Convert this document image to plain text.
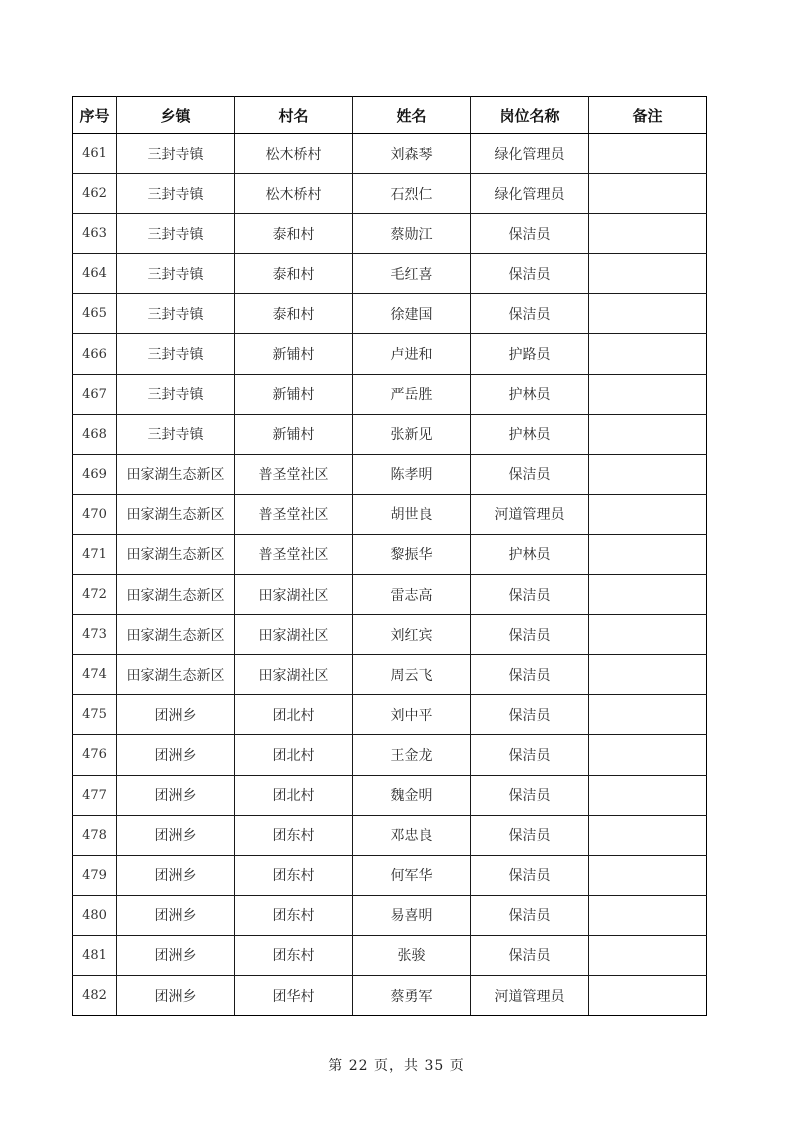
序号	乡镇	村名	姓名	岗位名称	备注
461	三封寺镇	松木桥村	刘森琴	绿化管理员	
462	三封寺镇	松木桥村	石烈仁	绿化管理员	
463	三封寺镇	泰和村	蔡勋江	保洁员	
464	三封寺镇	泰和村	毛红喜	保洁员	
465	三封寺镇	泰和村	徐建国	保洁员	
466	三封寺镇	新铺村	卢进和	护路员	
467	三封寺镇	新铺村	严岳胜	护林员	
468	三封寺镇	新铺村	张新见	护林员	
469	田家湖生态新区	普圣堂社区	陈孝明	保洁员	
470	田家湖生态新区	普圣堂社区	胡世良	河道管理员	
471	田家湖生态新区	普圣堂社区	黎振华	护林员	
472	田家湖生态新区	田家湖社区	雷志高	保洁员	
473	田家湖生态新区	田家湖社区	刘红宾	保洁员	
474	田家湖生态新区	田家湖社区	周云飞	保洁员	
475	团洲乡	团北村	刘中平	保洁员	
476	团洲乡	团北村	王金龙	保洁员	
477	团洲乡	团北村	魏金明	保洁员	
478	团洲乡	团东村	邓忠良	保洁员	
479	团洲乡	团东村	何军华	保洁员	
480	团洲乡	团东村	易喜明	保洁员	
481	团洲乡	团东村	张骏	保洁员	
482	团洲乡	团华村	蔡勇军	河道管理员	
第 22 页，共 35 页
